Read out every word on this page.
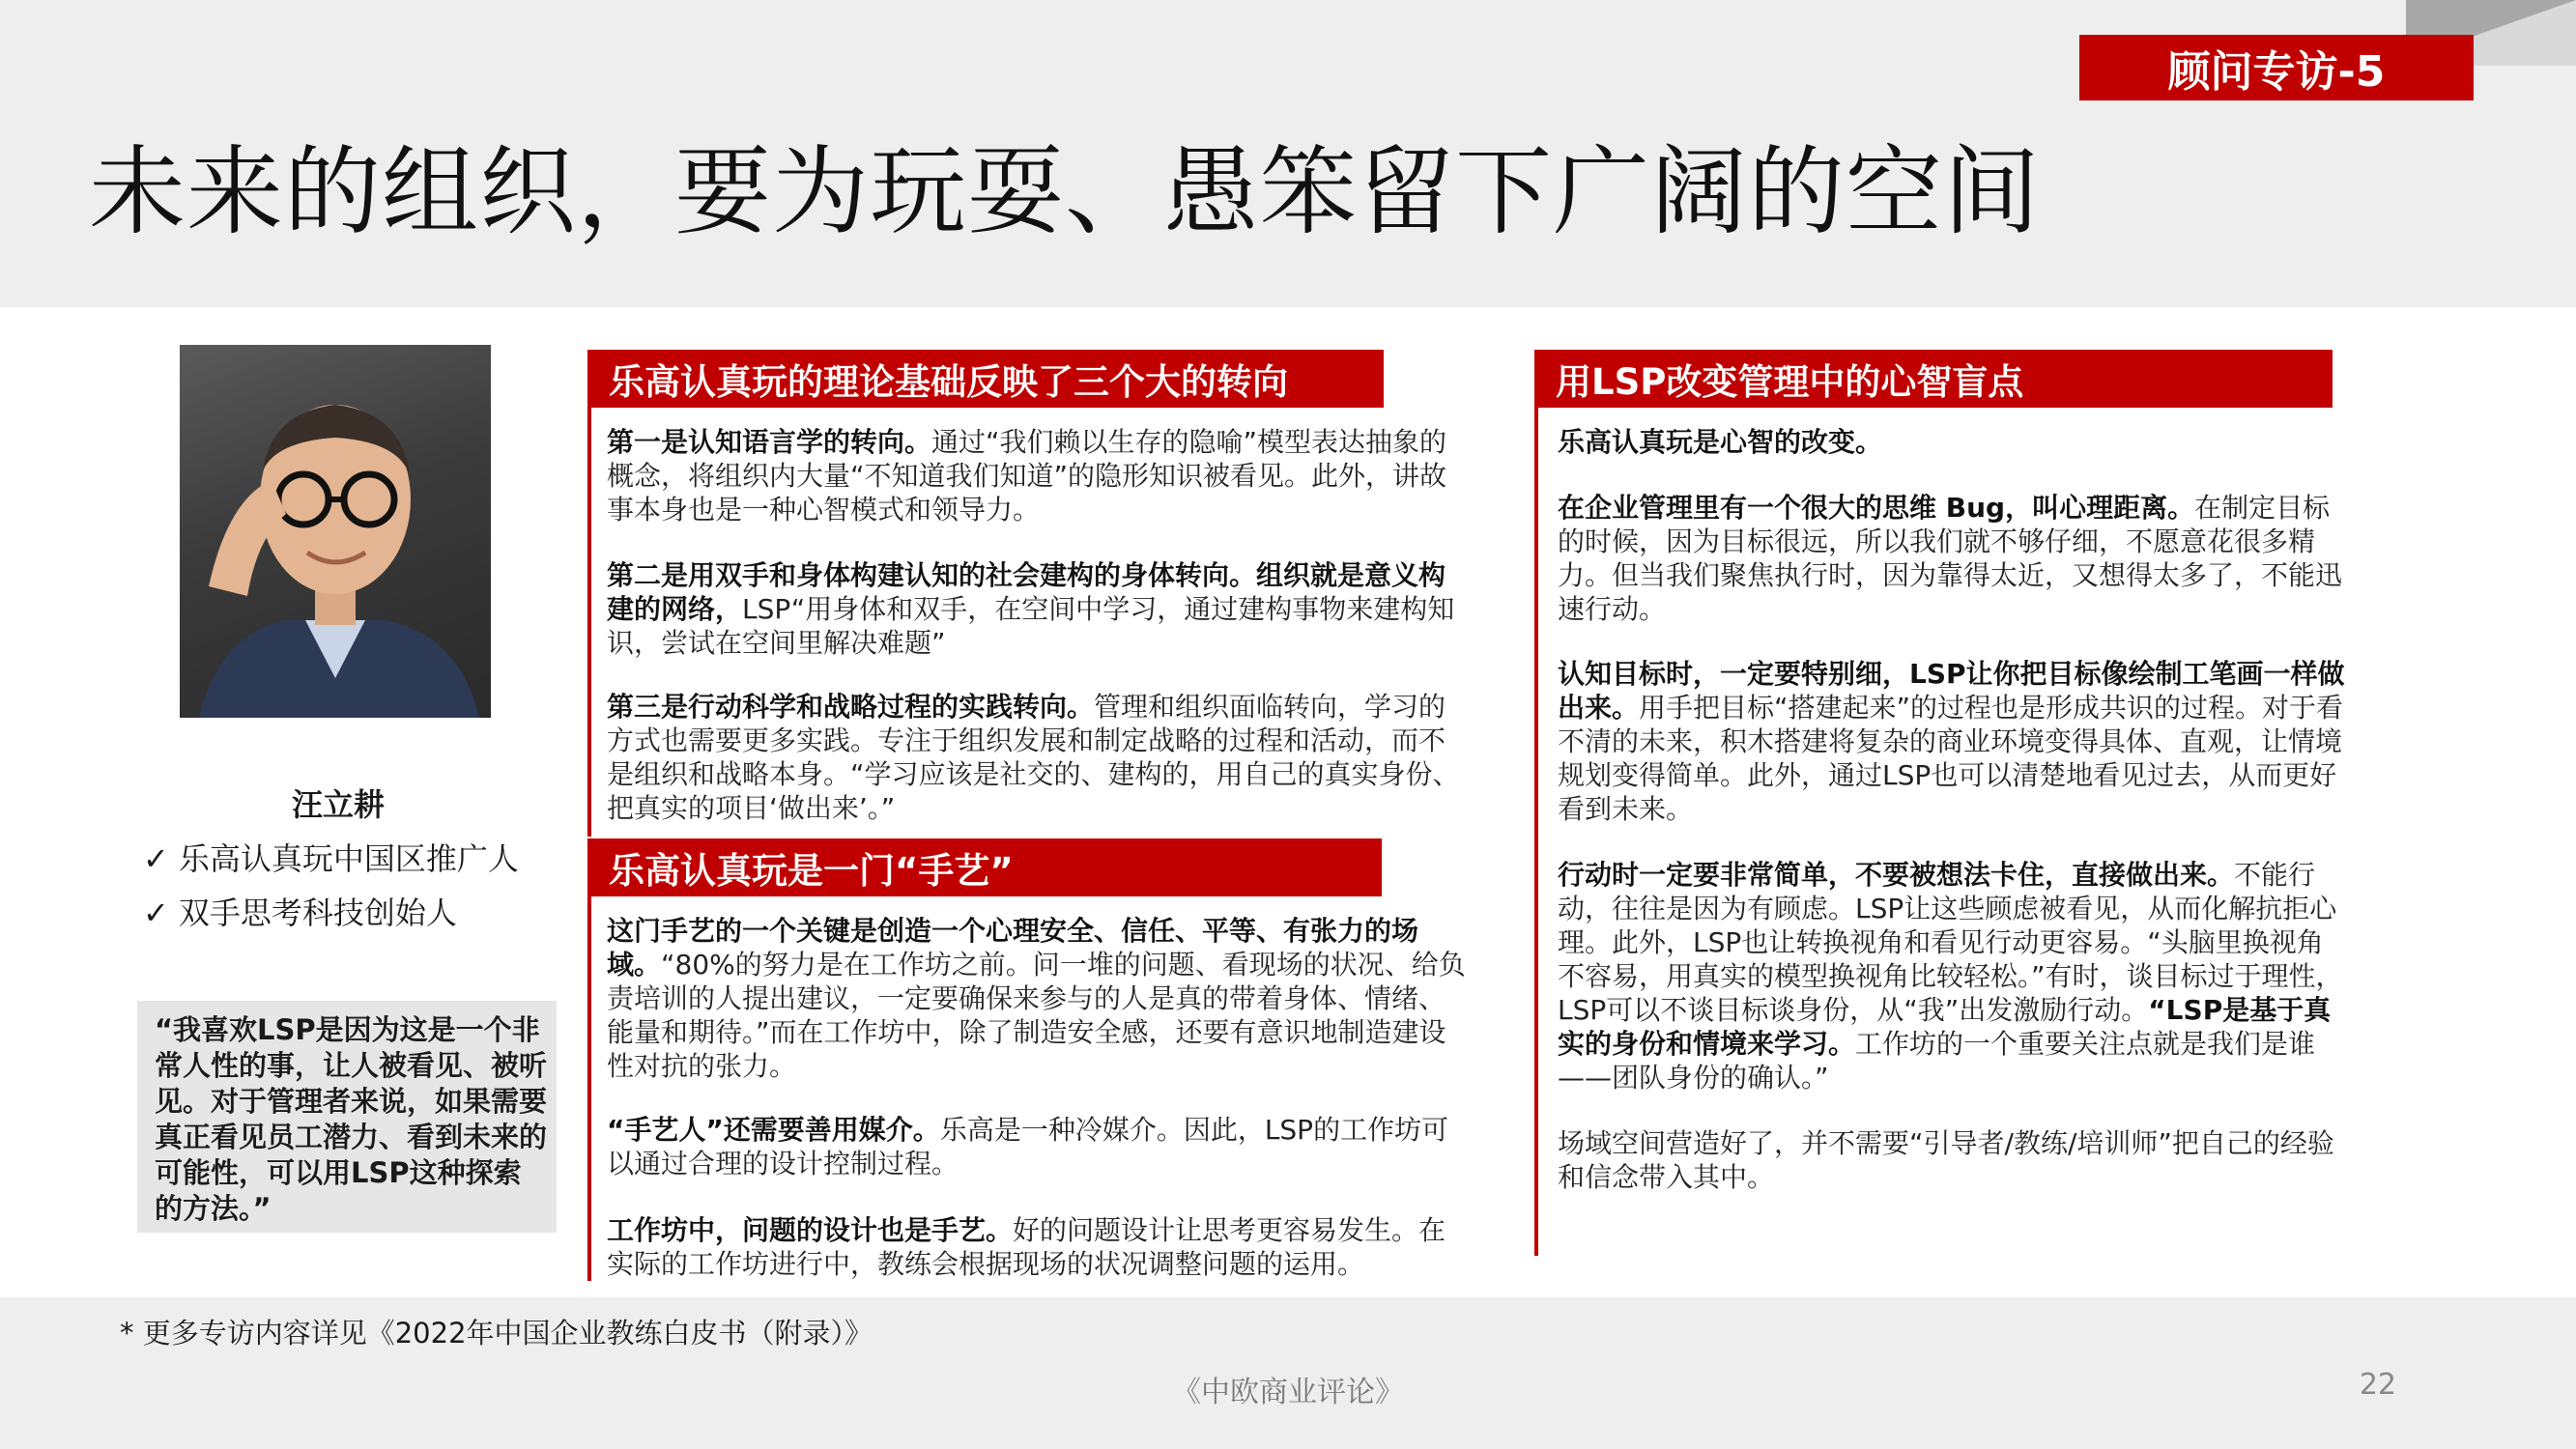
顾问专访-5
未来的组织，要为玩耍、愚笨留下广阔的空间
汪立耕
✓ 乐高认真玩中国区推广人
✓ 双手思考科技创始人
“我喜欢LSP是因为这是一个非常人性的事，让人被看见、被听见。对于管理者来说，如果需要真正看见员工潜力、看到未来的可能性，可以用LSP这种探索的方法。”
乐高认真玩的理论基础反映了三个大的转向

第一是认知语言学的转向。通过“我们赖以生存的隐喻”模型表达抽象的概念，将组织内大量“不知道我们知道”的隐形知识被看见。此外，讲故事本身也是一种心智模式和领导力。

第二是用双手和身体构建认知的社会建构的身体转向。组织就是意义构建的网络，LSP“用身体和双手，在空间中学习，通过建构事物来建构知识，尝试在空间里解决难题”

第三是行动科学和战略过程的实践转向。管理和组织面临转向，学习的方式也需要更多实践。专注于组织发展和制定战略的过程和活动，而不是组织和战略本身。“学习应该是社交的、建构的，用自己的真实身份、把真实的项目‘做出来’。”

乐高认真玩是一门“手艺”

这门手艺的一个关键是创造一个心理安全、信任、平等、有张力的场域。“80%的努力是在工作坊之前。问一堆的问题、看现场的状况、给负责培训的人提出建议，一定要确保来参与的人是真的带着身体、情绪、能量和期待。”而在工作坊中，除了制造安全感，还要有意识地制造建设性对抗的张力。

“手艺人”还需要善用媒介。乐高是一种冷媒介。因此，LSP的工作坊可以通过合理的设计控制过程。

工作坊中，问题的设计也是手艺。好的问题设计让思考更容易发生。在实际的工作坊进行中，教练会根据现场的状况调整问题的运用。

用LSP改变管理中的心智盲点

乐高认真玩是心智的改变。

在企业管理里有一个很大的思维 Bug，叫心理距离。在制定目标的时候，因为目标很远，所以我们就不够仔细，不愿意花很多精力。但当我们聚焦执行时，因为靠得太近，又想得太多了，不能迅速行动。

认知目标时，一定要特别细，LSP让你把目标像绘制工笔画一样做出来。用手把目标“搭建起来”的过程也是形成共识的过程。对于看不清的未来，积木搭建将复杂的商业环境变得具体、直观，让情境规划变得简单。此外，通过LSP也可以清楚地看见过去，从而更好看到未来。

行动时一定要非常简单，不要被想法卡住，直接做出来。不能行动，往往是因为有顾虑。LSP让这些顾虑被看见，从而化解抗拒心理。此外，LSP也让转换视角和看见行动更容易。“头脑里换视角不容易，用真实的模型换视角比较轻松。”有时，谈目标过于理性，LSP可以不谈目标谈身份，从“我”出发激励行动。“LSP是基于真实的身份和情境来学习。工作坊的一个重要关注点就是我们是谁——团队身份的确认。”

场域空间营造好了，并不需要“引导者/教练/培训师”把自己的经验和信念带入其中。

* 更多专访内容详见《2022年中国企业教练白皮书（附录）》
《中欧商业评论》	22
